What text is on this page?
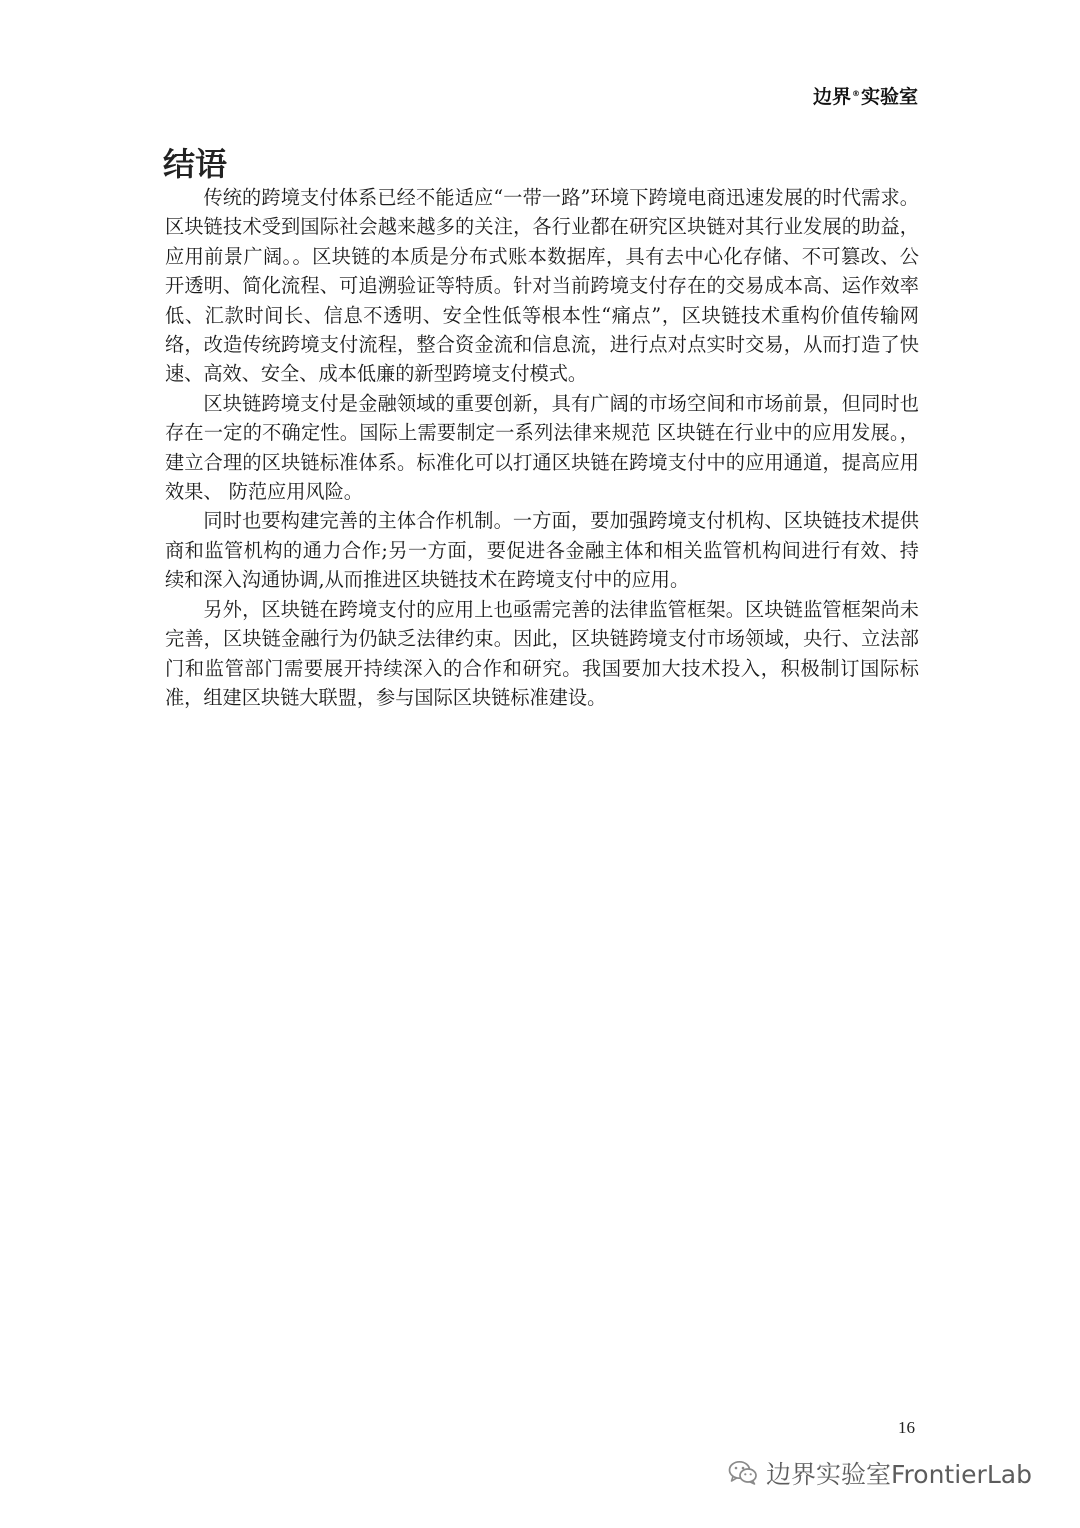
边界®实验室
结语

传统的跨境支付体系已经不能适应“一带一路”环境下跨境电商迅速发展的时代需求。区块链技术受到国际社会越来越多的关注，各行业都在研究区块链对其行业发展的助益，应用前景广阔。。区块链的本质是分布式账本数据库，具有去中心化存储、不可篡改、公开透明、简化流程、可追溯验证等特质。针对当前跨境支付存在的交易成本高、运作效率低、汇款时间长、信息不透明、安全性低等根本性“痛点”，区块链技术重构价值传输网络，改造传统跨境支付流程，整合资金流和信息流，进行点对点实时交易，从而打造了快速、高效、安全、成本低廉的新型跨境支付模式。

区块链跨境支付是金融领域的重要创新，具有广阔的市场空间和市场前景，但同时也存在一定的不确定性。国际上需要制定一系列法律来规范 区块链在行业中的应用发展。，建立合理的区块链标准体系。标准化可以打通区块链在跨境支付中的应用通道，提高应用效果、 防范应用风险。

同时也要构建完善的主体合作机制。一方面，要加强跨境支付机构、区块链技术提供商和监管机构的通力合作;另一方面，要促进各金融主体和相关监管机构间进行有效、持续和深入沟通协调,从而推进区块链技术在跨境支付中的应用。

另外，区块链在跨境支付的应用上也亟需完善的法律监管框架。区块链监管框架尚未完善，区块链金融行为仍缺乏法律约束。因此，区块链跨境支付市场领域，央行、立法部门和监管部门需要展开持续深入的合作和研究。我国要加大技术投入，积极制订国际标准，组建区块链大联盟，参与国际区块链标准建设。

16
边界实验室FrontierLab
